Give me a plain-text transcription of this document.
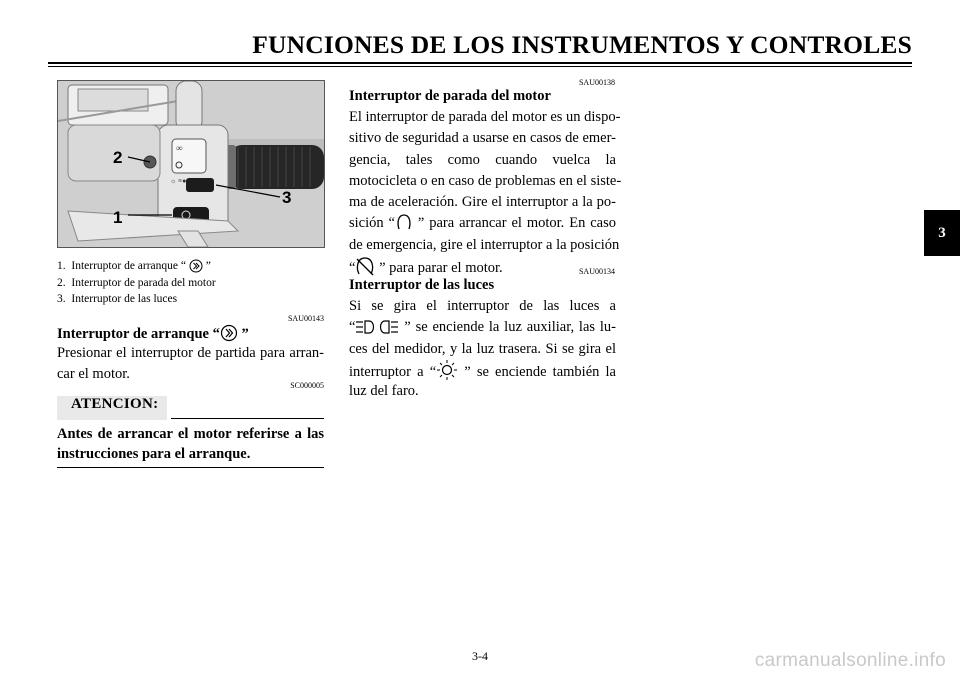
FUNCIONES DE LOS INSTRUMENTOS Y CONTROLES
3
∞
☼ ≡●
2
1
3
1. Interruptor de arranque “  ”
2. Interruptor de parada del motor
3. Interruptor de las luces
SAU00143
Interruptor de arranque “ ”
Presionar el interruptor de partida para arran-
car el motor.
SC000005
ATENCION:
Antes de arrancar el motor referirse a las
instrucciones para el arranque.
SAU00138
Interruptor de parada del motor
El interruptor de parada del motor es un dispo-
sitivo de seguridad a usarse en casos de emer-
gencia, tales como cuando vuelca la
motocicleta o en caso de problemas en el siste-
ma de aceleración. Gire el interruptor a la po-
sición “ ” para arrancar el motor. En caso
de emergencia, gire el interruptor a la posición
“ ” para parar el motor.	SAU00134
Interruptor de las luces
Si se gira el interruptor de las luces a
“	” se enciende la luz auxiliar, las lu-
ces del medidor, y la luz trasera. Si se gira el
interruptor a “ ” se enciende también la
luz del faro.
3-4	carmanualsonline.info
